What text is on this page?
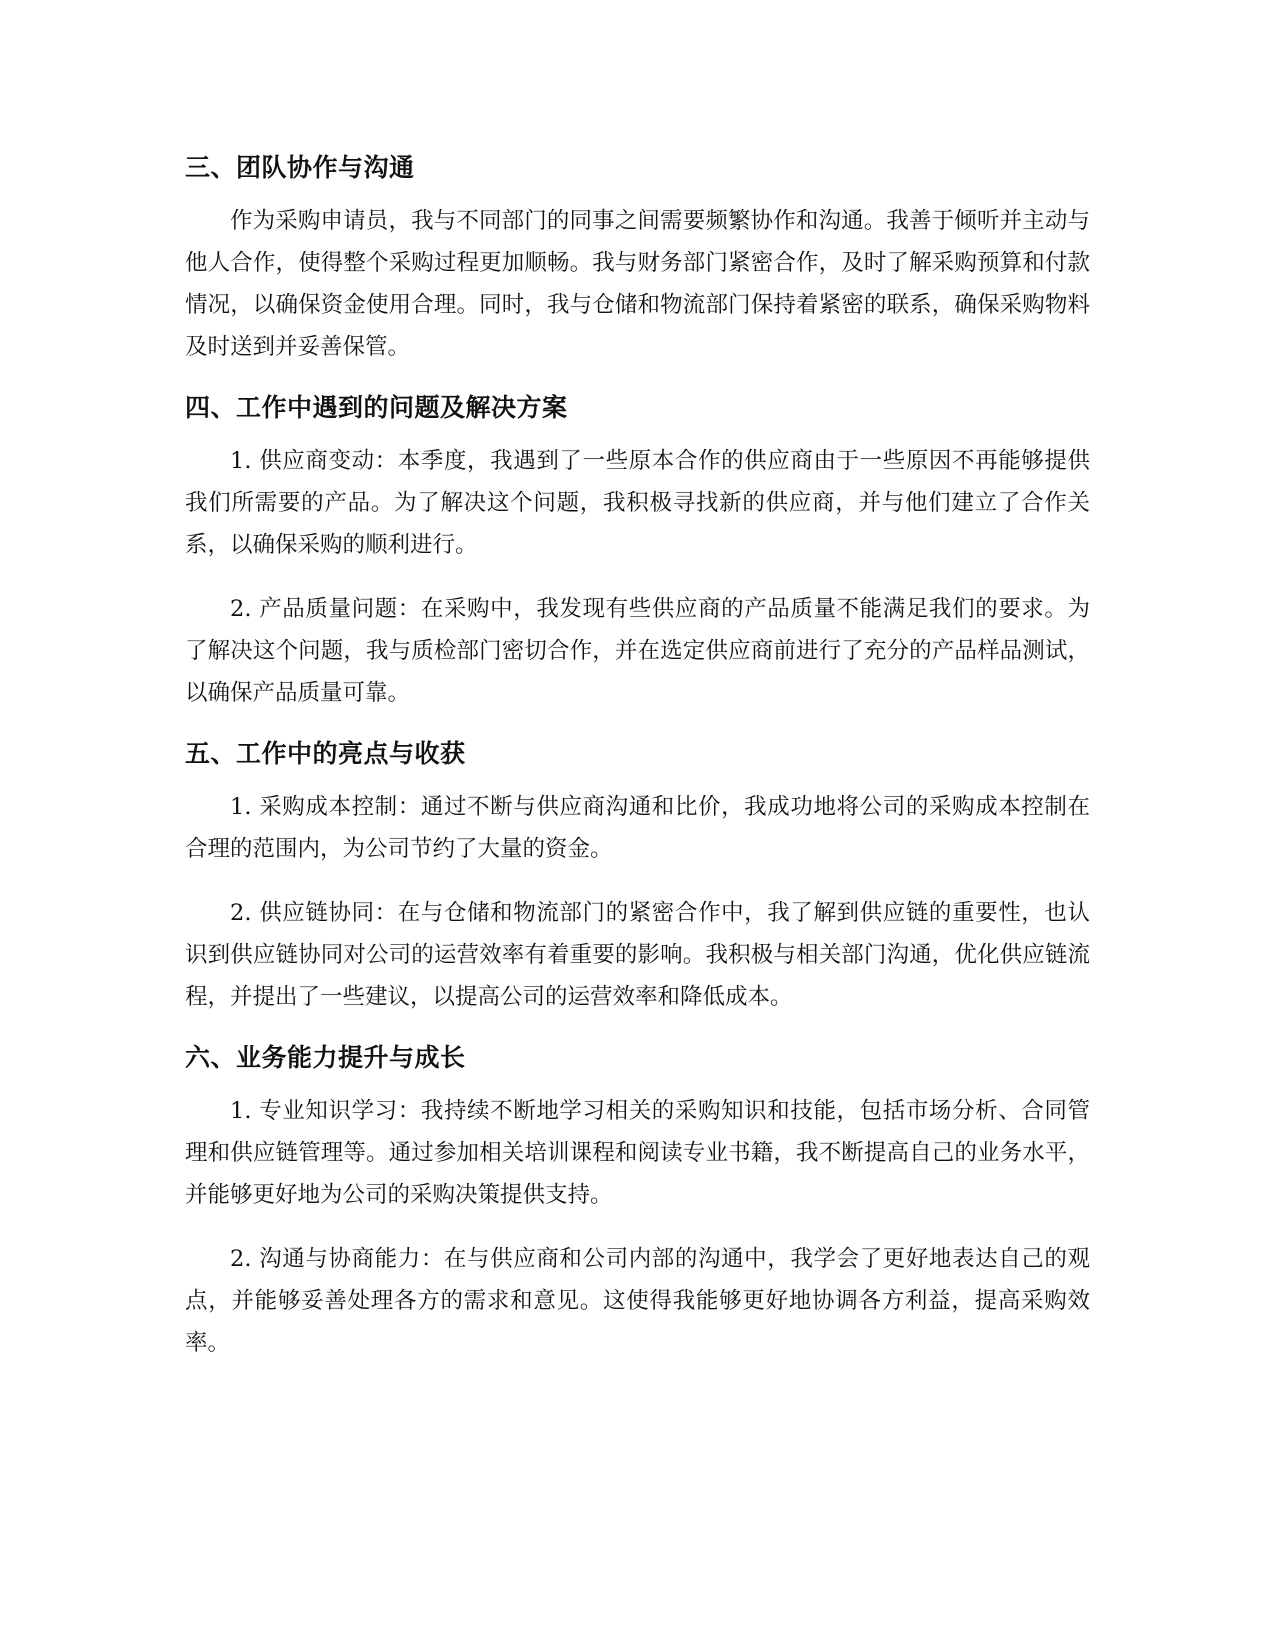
三、团队协作与沟通

作为采购申请员，我与不同部门的同事之间需要频繁协作和沟通。我善于倾听并主动与他人合作，使得整个采购过程更加顺畅。我与财务部门紧密合作，及时了解采购预算和付款情况，以确保资金使用合理。同时，我与仓储和物流部门保持着紧密的联系，确保采购物料及时送到并妥善保管。

四、工作中遇到的问题及解决方案

1. 供应商变动：本季度，我遇到了一些原本合作的供应商由于一些原因不再能够提供我们所需要的产品。为了解决这个问题，我积极寻找新的供应商，并与他们建立了合作关系，以确保采购的顺利进行。

2. 产品质量问题：在采购中，我发现有些供应商的产品质量不能满足我们的要求。为了解决这个问题，我与质检部门密切合作，并在选定供应商前进行了充分的产品样品测试，以确保产品质量可靠。

五、工作中的亮点与收获

1. 采购成本控制：通过不断与供应商沟通和比价，我成功地将公司的采购成本控制在合理的范围内，为公司节约了大量的资金。

2. 供应链协同：在与仓储和物流部门的紧密合作中，我了解到供应链的重要性，也认识到供应链协同对公司的运营效率有着重要的影响。我积极与相关部门沟通，优化供应链流程，并提出了一些建议，以提高公司的运营效率和降低成本。

六、业务能力提升与成长

1. 专业知识学习：我持续不断地学习相关的采购知识和技能，包括市场分析、合同管理和供应链管理等。通过参加相关培训课程和阅读专业书籍，我不断提高自己的业务水平，并能够更好地为公司的采购决策提供支持。

2. 沟通与协商能力：在与供应商和公司内部的沟通中，我学会了更好地表达自己的观点，并能够妥善处理各方的需求和意见。这使得我能够更好地协调各方利益，提高采购效率。
